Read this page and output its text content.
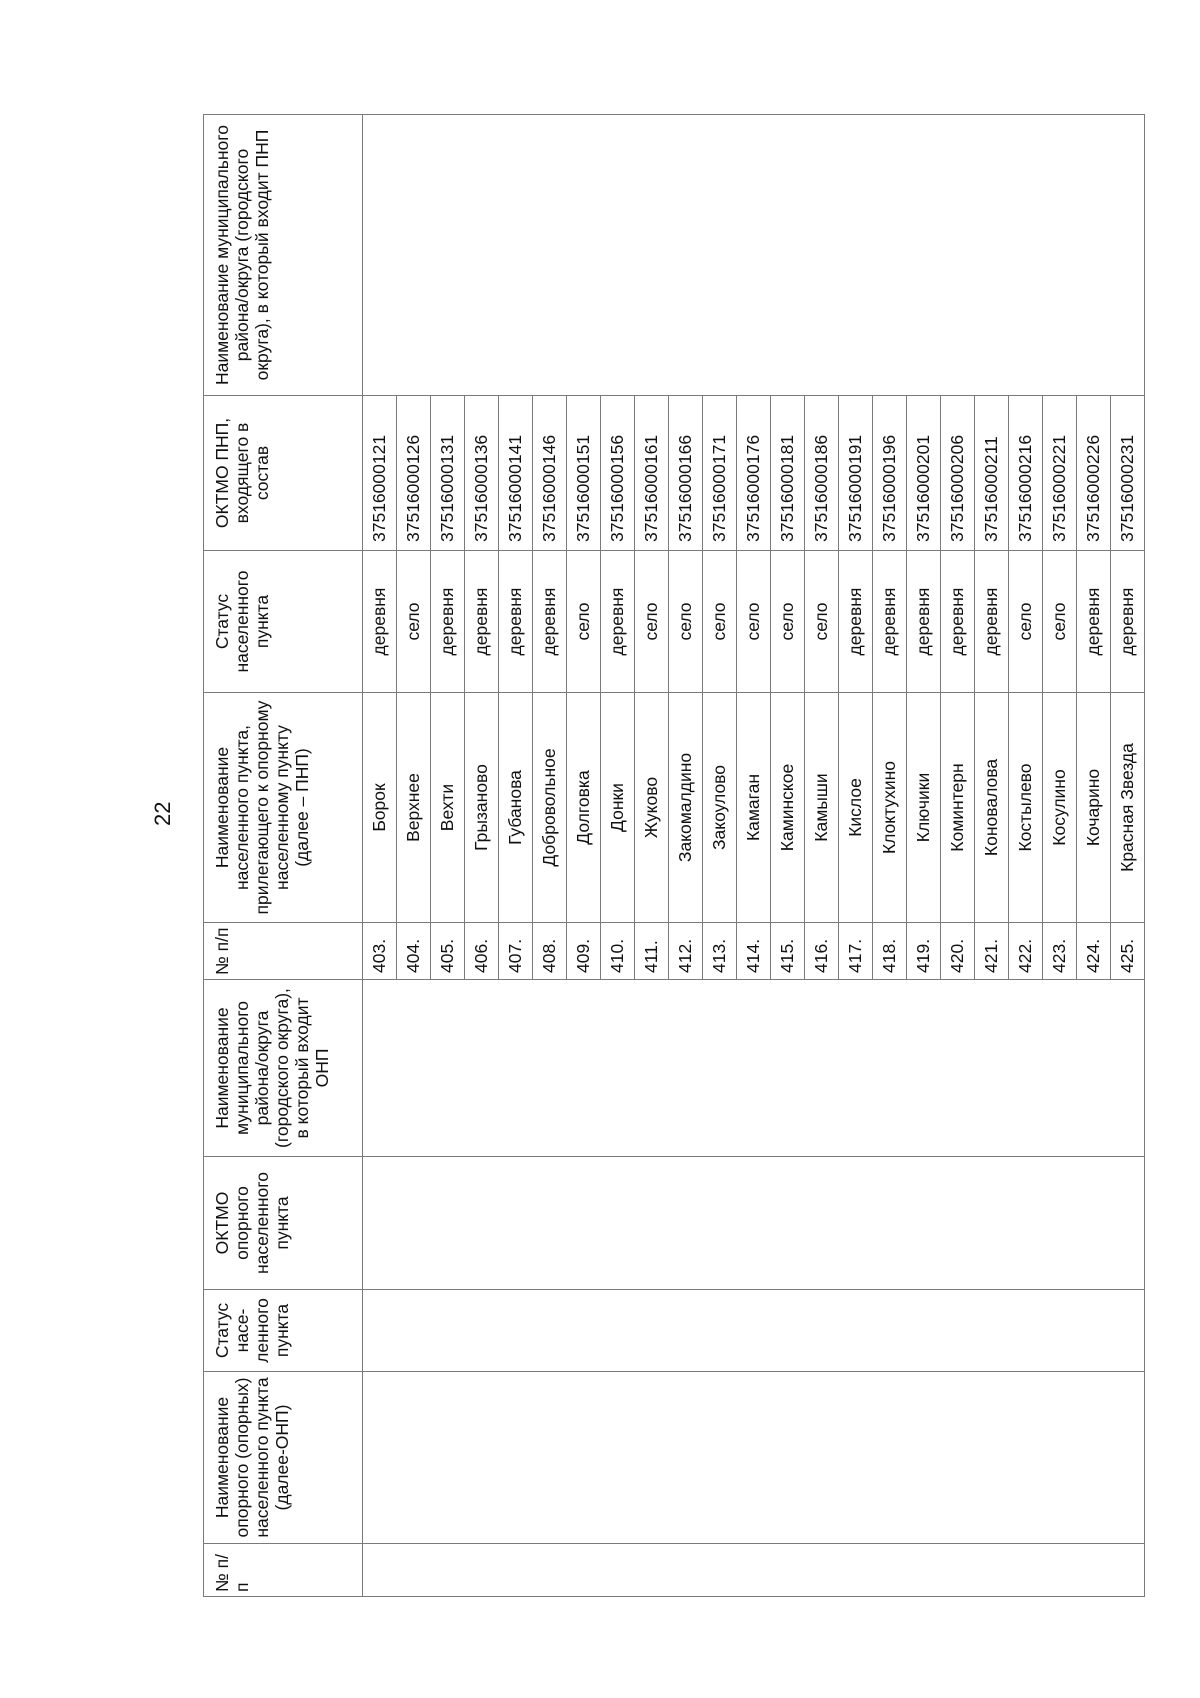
22
№ п/п	Наименование опорного (опорных) населенного пункта (далее-ОНП)	Статус насе-ленного пункта	ОКТМО опорного населенного пункта	Наименование муниципального района/округа (городского округа), в который входит ОНП	№ п/п	Наименование населенного пункта, прилегающего к опорному населенному пункту (далее – ПНП)	Статус населенного пункта	ОКТМО ПНП, входящего в состав	Наименование муниципального района/округа (городского округа), в который входит ПНП
					403.	Борок	деревня	37516000121	
					404.	Верхнее	село	37516000126	
					405.	Вехти	деревня	37516000131	
					406.	Грызаново	деревня	37516000136	
					407.	Губанова	деревня	37516000141	
					408.	Добровольное	деревня	37516000146	
					409.	Долговка	село	37516000151	
					410.	Донки	деревня	37516000156	
					411.	Жуково	село	37516000161	
					412.	Закомалдино	село	37516000166	
					413.	Закоулово	село	37516000171	
					414.	Камаган	село	37516000176	
					415.	Каминское	село	37516000181	
					416.	Камыши	село	37516000186	
					417.	Кислое	деревня	37516000191	
					418.	Клоктухино	деревня	37516000196	
					419.	Ключики	деревня	37516000201	
					420.	Коминтерн	деревня	37516000206	
					421.	Коновалова	деревня	37516000211	
					422.	Костылево	село	37516000216	
					423.	Косулино	село	37516000221	
					424.	Кочарино	деревня	37516000226	
					425.	Красная Звезда	деревня	37516000231	
